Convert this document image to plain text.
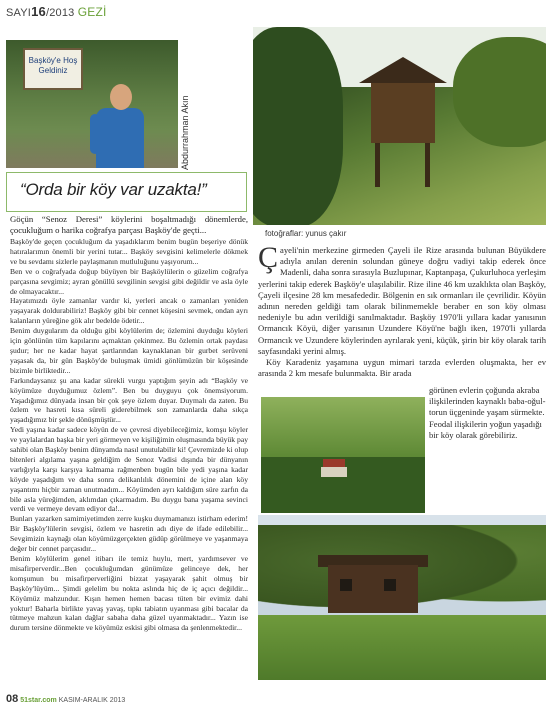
SAYI16/2013 GEZİ
Başköy'e Hoş Geldiniz
Abdurrahman Akın
fotoğraflar: yunus çakır
“Orda bir köy var uzakta!”

Göçün “Senoz Deresi” köylerini boşaltmadığı dönemlerde, çocukluğum o harika coğrafya parçası Başköy'de geçti...

Başköy'de geçen çocukluğum da yaşadıklarım benim bugün beşeriye dönük hatıralarımın önemli bir yerini tutar... Başköy sevgisini kelimelerle dökmek ve bu sevdamı sizlerle paylaşmanın mutluluğunu yaşıyorum...

Ben ve o coğrafyada doğup büyüyen bir Başköylülerin o güzelim coğrafya parçasına sevgimiz; ayran gönüllü sevgilinin sevgisi gibi değildir ve asla öyle de olmayacaktır...

Hayatımızdı öyle zamanlar vardır ki, yerleri ancak o zamanları yeniden yaşayarak doldurabiliriz! Başköy gibi bir cennet köşesini sevmek, ondan ayrı kalanların yüreğine gök alır bedelde ödetir...

Benim duygularım da olduğu gibi köylülerim de; özlemini duyduğu köyleri için gönlünün tüm kapılarını açmaktan çekinmez. Bu özlemin ortak paydası şudur; her ne kadar hayat şartlarından kaynaklanan bir gurbet serüveni yaşasak da, bir gün Başköy'de buluşmak ümidi gönlümüzün bir köşesinde bizimle birliktedir...

Farkındaysanız şu ana kadar sürekli vurgu yaptığım şeyin adı “Başköy ve köyümüze duyduğumuz özlem”. Ben bu duyguyu çok önemsiyorum. Yaşadığımız dünyada insan bir çok şeye özlem duyar. Duymalı da zaten. Bu özlem ve hasreti kısa süreli giderebilmek son zamanlarda daha sıkça yaşadığımız bir şekle dönüşmüştür...

Yedi yaşına kadar sadece köyün de ve çevresi diyebileceğimiz, komşu köyler ve yaylalardan başka bir yeri görmeyen ve kişiliğimin oluşmasında büyük pay sahibi olan Başköy benim dünyamda nasıl unutulabilir ki! Çevremizde ki olup bitenleri algılama yaşına geldiğim de Senoz Vadisi dışında bir dünyanın varlığıyla karşı karşıya kalmama rağmenben bugün bile yedi yaşına kadar köyde yaşadığım ve daha sonra delikanlılık dönemini de içine alan köy yaşantımı hiçbir zaman unutmadım... Köyümden ayrı kaldığım süre zarfın da bile asla yüreğimden, aklımdan çıkarmadım. Bu duygu bana yaşama sevinci verdi ve vermeye devam ediyor da!...

Bunları yazarken samimiyetimden zerre kuşku duymamanızı istirham ederim! Bir Başköy'lülerin sevgisi, özlem ve hasretin adı diye de ifade edilebilir... Sevgimizin kaynağı olan köyümüzgerçekten güdüp görülmeye ve yaşanmaya değer bir cennet parçasıdır...

Benim köylülerim genel itibarı ile temiz huylu, mert, yardımsever ve misafirperverdir...Ben çocukluğumdan günümüze gelinceye dek, her komşumun bu misafirperverliğini bizzat yaşayarak şahit olmuş bir Başköy'lüyüm... Şimdi gelelim bu nokta aslında hiç de iç açıcı değildir... Köyümüz mahzundur. Kışın hemen hemen bacası tüten bir evimiz dahi yoktur! Baharla birlikte yavaş yavaş, tıpkı tabiatın uyanması gibi bacalar da tütmeye mahzun kalan dağlar sabaha daha güzel uyanmaktadır... Yazın ise durum tersine dönmekte ve köyümüz eskisi gibi olmasa da şenlenmektedir...

Çayeli'nin merkezine girmeden Çayeli ile Rize arasında bulunan Büyükdere adıyla anılan derenin solundan güneye doğru vadiyi takip ederek önce Madenli, daha sonra sırasıyla Buzlupınar, Kaptanpaşa, Çukurluhoca yerleşim yerlerini takip ederek Başköy'e ulaşılabilir. Rize iline 46 km uzaklıkta olan Başköy, Çayeli ilçesine 28 km mesafededir. Bölgenin en sık ormanları ile çevrilidir. Köyün adının nereden geldiği tam olarak bilinmemekle beraber en son köy olması nedeniyle bu adın verildiği sanılmaktadır. Başköy 1970'li yıllara kadar yanısının Ormancık Köyü, diğer yarısının Uzundere Köyü'ne bağlı iken, 1970'li yıllarda Ormancık ve Uzundere köylerinden ayrılarak yeni, küçük, şirin bir köy olarak tarih sayfasındaki yerini almış.

Köy Karadeniz yaşamına uygun mimari tarzda evlerden oluşmakta, her ev arasında 2 km mesafe bulunmakta. Bir arada

görünen evlerin çoğunda akraba ilişkilerinden kaynaklı baba-oğul-torun üçgeninde yaşam sürmekte. Feodal ilişkilerin yoğun yaşadığı bir köy olarak görebiliriz.

08 51star.com KASIM-ARALIK 2013
